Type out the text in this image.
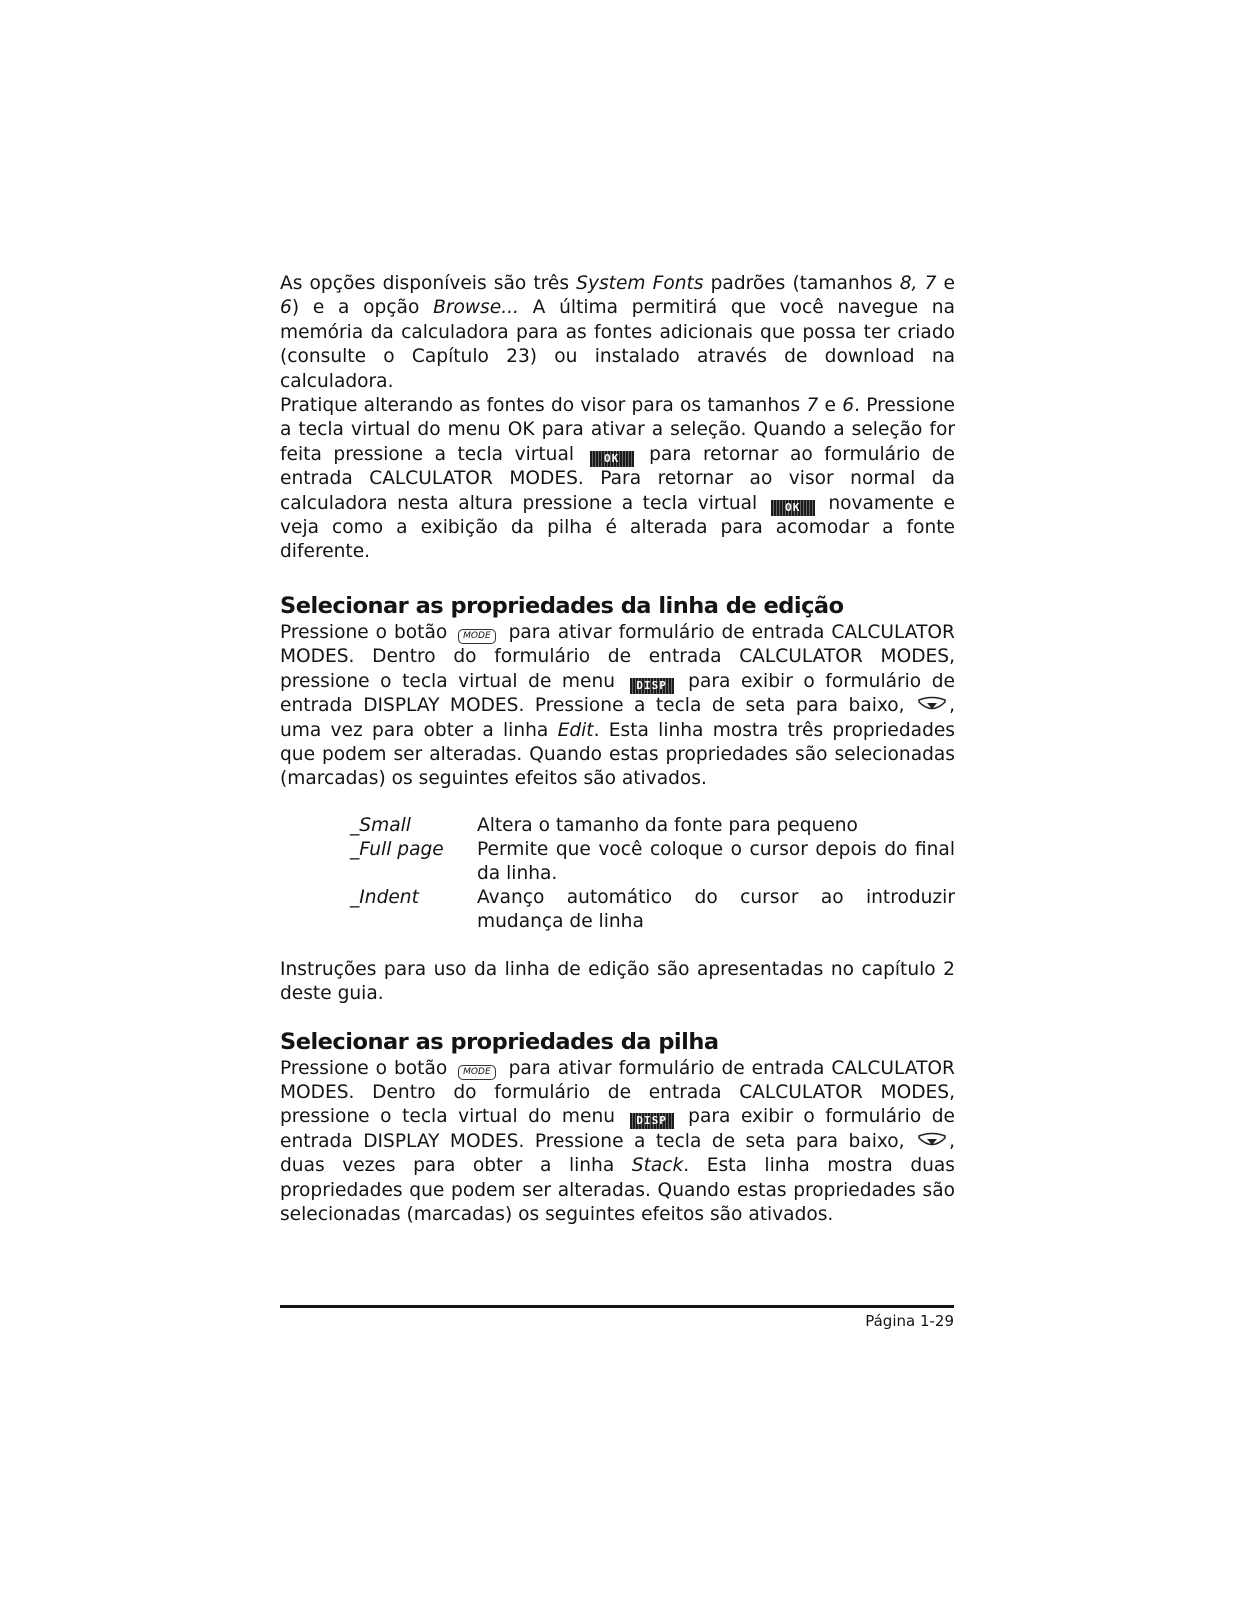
As opções disponíveis são três System Fonts padrões (tamanhos 8, 7 e 6) e a opção Browse... A última permitirá que você navegue na memória da calculadora para as fontes adicionais que possa ter criado (consulte o Capítulo 23) ou instalado através de download na calculadora.

Pratique alterando as fontes do visor para os tamanhos 7 e 6. Pressione a tecla virtual do menu OK para ativar a seleção. Quando a seleção for feita pressione a tecla virtual	OK para retornar ao formulário de entrada CALCULATOR MODES. Para retornar ao visor normal da calculadora nesta altura pressione a tecla virtual	OK novamente e veja como a exibição da pilha é alterada para acomodar a fonte diferente.

Selecionar as propriedades da linha de edição

Pressione o botão MODE para ativar formulário de entrada CALCULATOR MODES. Dentro do formulário de entrada CALCULATOR MODES, pressione o tecla virtual de menu DISP para exibir o formulário de entrada DISPLAY MODES. Pressione a tecla de seta para baixo, , uma vez para obter a linha Edit. Esta linha mostra três propriedades que podem ser alteradas. Quando estas propriedades são selecionadas (marcadas) os seguintes efeitos são ativados.

_Small	Altera o tamanho da fonte para pequeno
_Full page	Permite que você coloque o cursor depois do final da linha.
_Indent	Avanço automático do cursor ao introduzir mudança de linha

Instruções para uso da linha de edição são apresentadas no capítulo 2 deste guia.

Selecionar as propriedades da pilha

Pressione o botão MODE para ativar formulário de entrada CALCULATOR MODES. Dentro do formulário de entrada CALCULATOR MODES, pressione o tecla virtual do menu DISP para exibir o formulário de entrada DISPLAY MODES. Pressione a tecla de seta para baixo, , duas vezes para obter a linha Stack. Esta linha mostra duas propriedades que podem ser alteradas. Quando estas propriedades são selecionadas (marcadas) os seguintes efeitos são ativados.

Página 1-29
